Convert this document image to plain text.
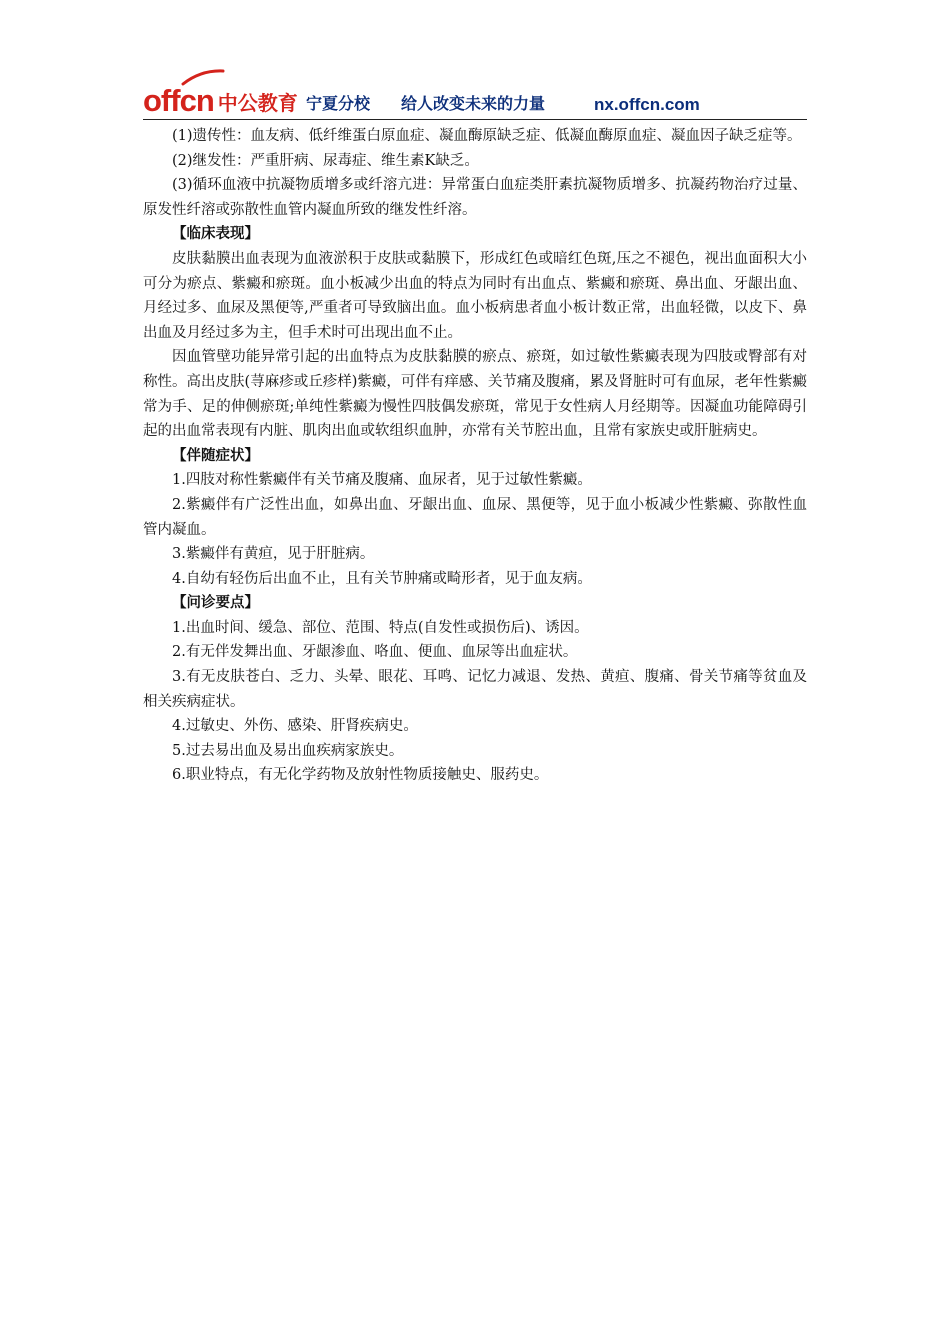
offcn 中公教育 宁夏分校 给人改变未来的力量	nx.offcn.com

(1)遗传性：血友病、低纤维蛋白原血症、凝血酶原缺乏症、低凝血酶原血症、凝血因子缺乏症等。

(2)继发性：严重肝病、尿毒症、维生素K缺乏。

(3)循环血液中抗凝物质增多或纤溶亢进：异常蛋白血症类肝素抗凝物质增多、抗凝药物治疗过量、原发性纤溶或弥散性血管内凝血所致的继发性纤溶。

【临床表现】

皮肤黏膜出血表现为血液淤积于皮肤或黏膜下，形成红色或暗红色斑,压之不褪色，视出血面积大小可分为瘀点、紫癜和瘀斑。血小板减少出血的特点为同时有出血点、紫癜和瘀斑、鼻出血、牙龈出血、月经过多、血尿及黑便等,严重者可导致脑出血。血小板病患者血小板计数正常，出血轻微，以皮下、鼻出血及月经过多为主，但手术时可出现出血不止。

因血管壁功能异常引起的出血特点为皮肤黏膜的瘀点、瘀斑，如过敏性紫癜表现为四肢或臀部有对称性。高出皮肤(荨麻疹或丘疹样)紫癜，可伴有痒感、关节痛及腹痛，累及肾脏时可有血尿，老年性紫癜常为手、足的伸侧瘀斑;单纯性紫癜为慢性四肢偶发瘀斑，常见于女性病人月经期等。因凝血功能障碍引起的出血常表现有内脏、肌肉出血或软组织血肿，亦常有关节腔出血，且常有家族史或肝脏病史。

【伴随症状】

1.四肢对称性紫癜伴有关节痛及腹痛、血尿者，见于过敏性紫癜。

2.紫癜伴有广泛性出血，如鼻出血、牙龈出血、血尿、黑便等，见于血小板减少性紫癜、弥散性血管内凝血。

3.紫癜伴有黄疸，见于肝脏病。

4.自幼有轻伤后出血不止，且有关节肿痛或畸形者，见于血友病。

【问诊要点】

1.出血时间、缓急、部位、范围、特点(自发性或损伤后)、诱因。

2.有无伴发舞出血、牙龈渗血、咯血、便血、血尿等出血症状。

3.有无皮肤苍白、乏力、头晕、眼花、耳鸣、记忆力减退、发热、黄疸、腹痛、骨关节痛等贫血及相关疾病症状。

4.过敏史、外伤、感染、肝肾疾病史。

5.过去易出血及易出血疾病家族史。

6.职业特点，有无化学药物及放射性物质接触史、服药史。
